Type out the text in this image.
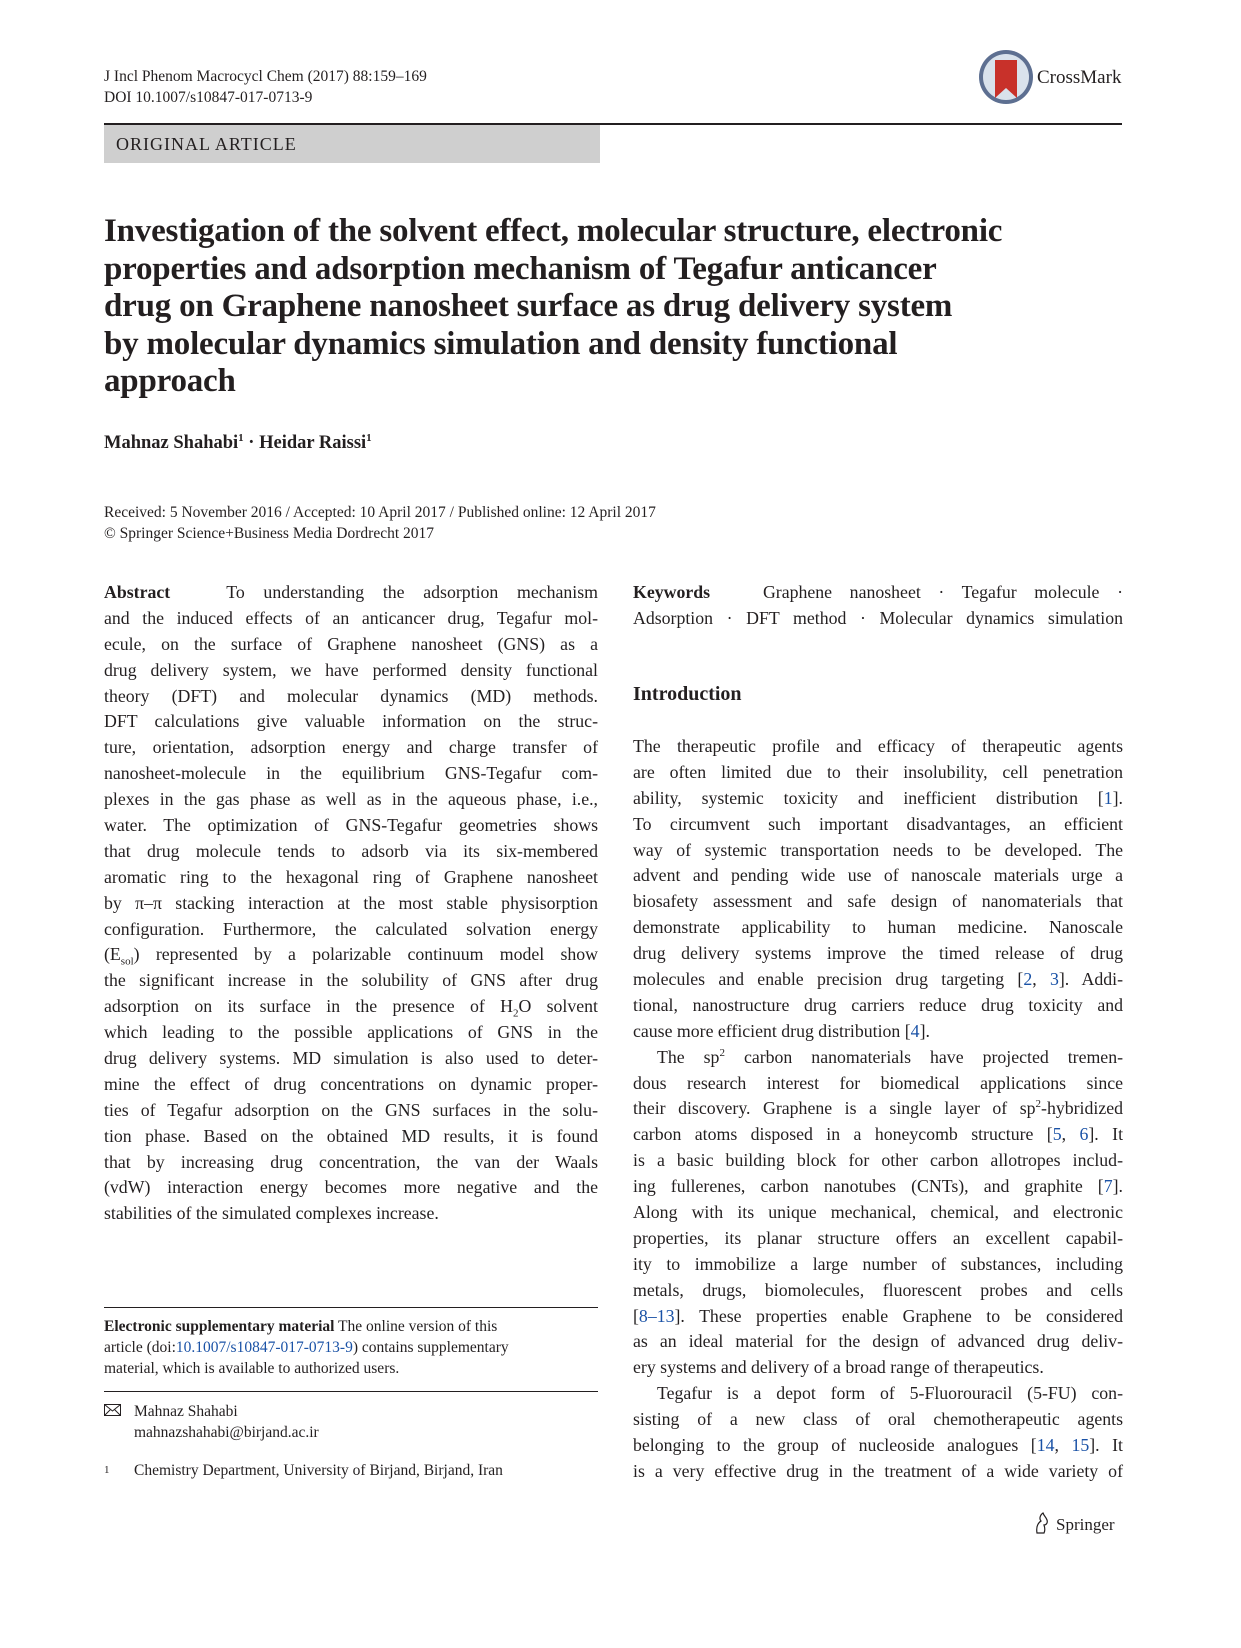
J Incl Phenom Macrocycl Chem (2017) 88:159–169
DOI 10.1007/s10847-017-0713-9
CrossMark
ORIGINAL ARTICLE
Investigation of the solvent effect, molecular structure, electronic
properties and adsorption mechanism of Tegafur anticancer
drug on Graphene nanosheet surface as drug delivery system
by molecular dynamics simulation and density functional
approach
Mahnaz Shahabi$^1$ · Heidar Raissi$^1$
Received: 5 November 2016 / Accepted: 10 April 2017 / Published online: 12 April 2017
© Springer Science+Business Media Dordrecht 2017
Abstract	To understanding the adsorption mechanism
and the induced effects of an anticancer drug, Tegafur mol-
ecule, on the surface of Graphene nanosheet (GNS) as a
drug delivery system, we have performed density functional
theory (DFT) and molecular dynamics (MD) methods.
DFT calculations give valuable information on the struc-
ture, orientation, adsorption energy and charge transfer of
nanosheet-molecule in the equilibrium GNS-Tegafur com-
plexes in the gas phase as well as in the aqueous phase, i.e.,
water. The optimization of GNS-Tegafur geometries shows
that drug molecule tends to adsorb via its six-membered
aromatic ring to the hexagonal ring of Graphene nanosheet
by π–π stacking interaction at the most stable physisorption
configuration. Furthermore, the calculated solvation energy
$(E_{sol})$ represented by a polarizable continuum model show
the significant increase in the solubility of GNS after drug
adsorption on its surface in the presence of $H_2O$ solvent
which leading to the possible applications of GNS in the
drug delivery systems. MD simulation is also used to deter-
mine the effect of drug concentrations on dynamic proper-
ties of Tegafur adsorption on the GNS surfaces in the solu-
tion phase. Based on the obtained MD results, it is found
that by increasing drug concentration, the van der Waals
(vdW) interaction energy becomes more negative and the
stabilities of the simulated complexes increase.
Keywords	Graphene nanosheet · Tegafur molecule ·
Adsorption · DFT method · Molecular dynamics simulation
Introduction
The therapeutic profile and efficacy of therapeutic agents
are often limited due to their insolubility, cell penetration
ability, systemic toxicity and inefficient distribution [1].
To circumvent such important disadvantages, an efficient
way of systemic transportation needs to be developed. The
advent and pending wide use of nanoscale materials urge a
biosafety assessment and safe design of nanomaterials that
demonstrate applicability to human medicine. Nanoscale
drug delivery systems improve the timed release of drug
molecules and enable precision drug targeting [2, 3]. Addi-
tional, nanostructure drug carriers reduce drug toxicity and
cause more efficient drug distribution [4].
The $sp^2$ carbon nanomaterials have projected tremen-
dous research interest for biomedical applications since
their discovery. Graphene is a single layer of $sp^2$-hybridized
carbon atoms disposed in a honeycomb structure [5, 6]. It
is a basic building block for other carbon allotropes includ-
ing fullerenes, carbon nanotubes (CNTs), and graphite [7].
Along with its unique mechanical, chemical, and electronic
properties, its planar structure offers an excellent capabil-
ity to immobilize a large number of substances, including
metals, drugs, biomolecules, fluorescent probes and cells
[8–13]. These properties enable Graphene to be considered
as an ideal material for the design of advanced drug deliv-
ery systems and delivery of a broad range of therapeutics.
Tegafur is a depot form of 5-Fluorouracil (5-FU) con-
sisting of a new class of oral chemotherapeutic agents
belonging to the group of nucleoside analogues [14, 15]. It
is a very effective drug in the treatment of a wide variety of
Electronic supplementary material The online version of this
article (doi:10.1007/s10847-017-0713-9) contains supplementary
material, which is available to authorized users.
Mahnaz Shahabi
mahnazshahabi@birjand.ac.ir
1 Chemistry Department, University of Birjand, Birjand, Iran
Springer
